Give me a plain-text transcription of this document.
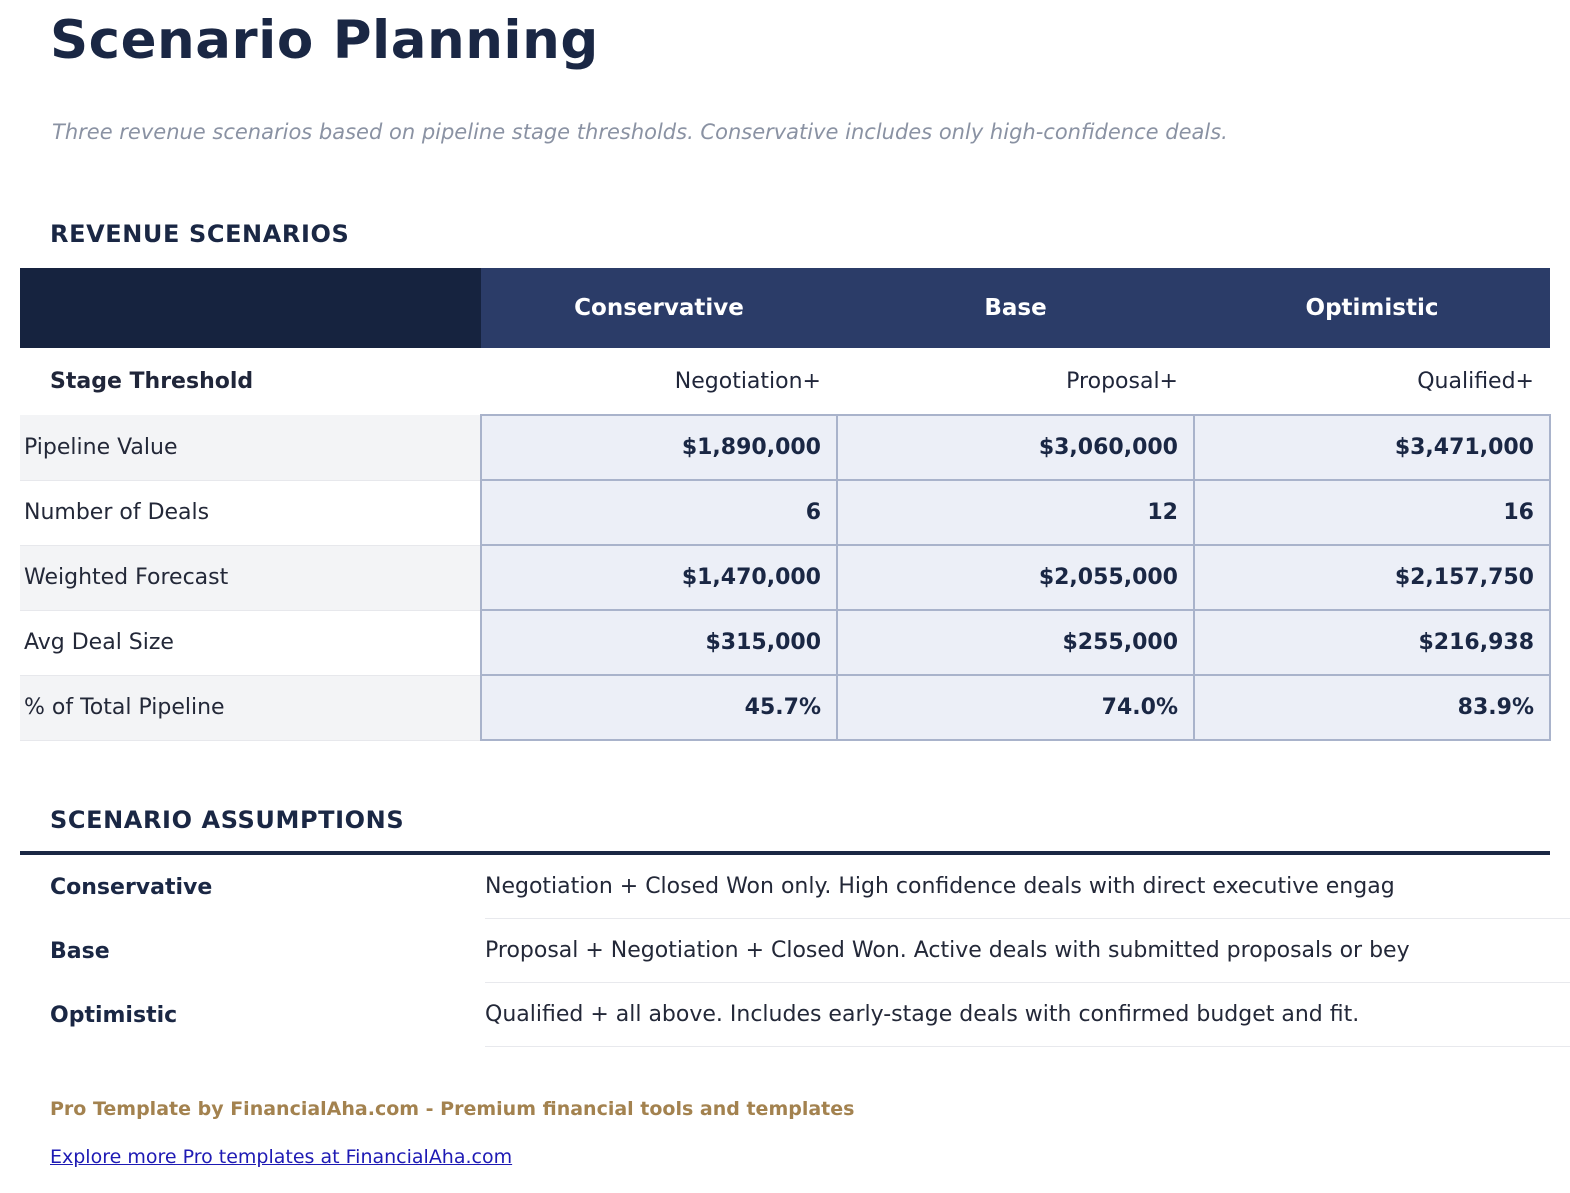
Scenario Planning
Three revenue scenarios based on pipeline stage thresholds. Conservative includes only high-confidence deals.
REVENUE SCENARIOS
	Conservative	Base	Optimistic
Stage Threshold	Negotiation+	Proposal+	Qualified+
Pipeline Value	$1,890,000	$3,060,000	$3,471,000
Number of Deals	6	12	16
Weighted Forecast	$1,470,000	$2,055,000	$2,157,750
Avg Deal Size	$315,000	$255,000	$216,938
% of Total Pipeline	45.7%	74.0%	83.9%
SCENARIO ASSUMPTIONS
Conservative	Negotiation + Closed Won only. High confidence deals with direct executive engag
Base	Proposal + Negotiation + Closed Won. Active deals with submitted proposals or bey
Optimistic	Qualified + all above. Includes early-stage deals with confirmed budget and fit.
Pro Template by FinancialAha.com - Premium financial tools and templates
Explore more Pro templates at FinancialAha.com
